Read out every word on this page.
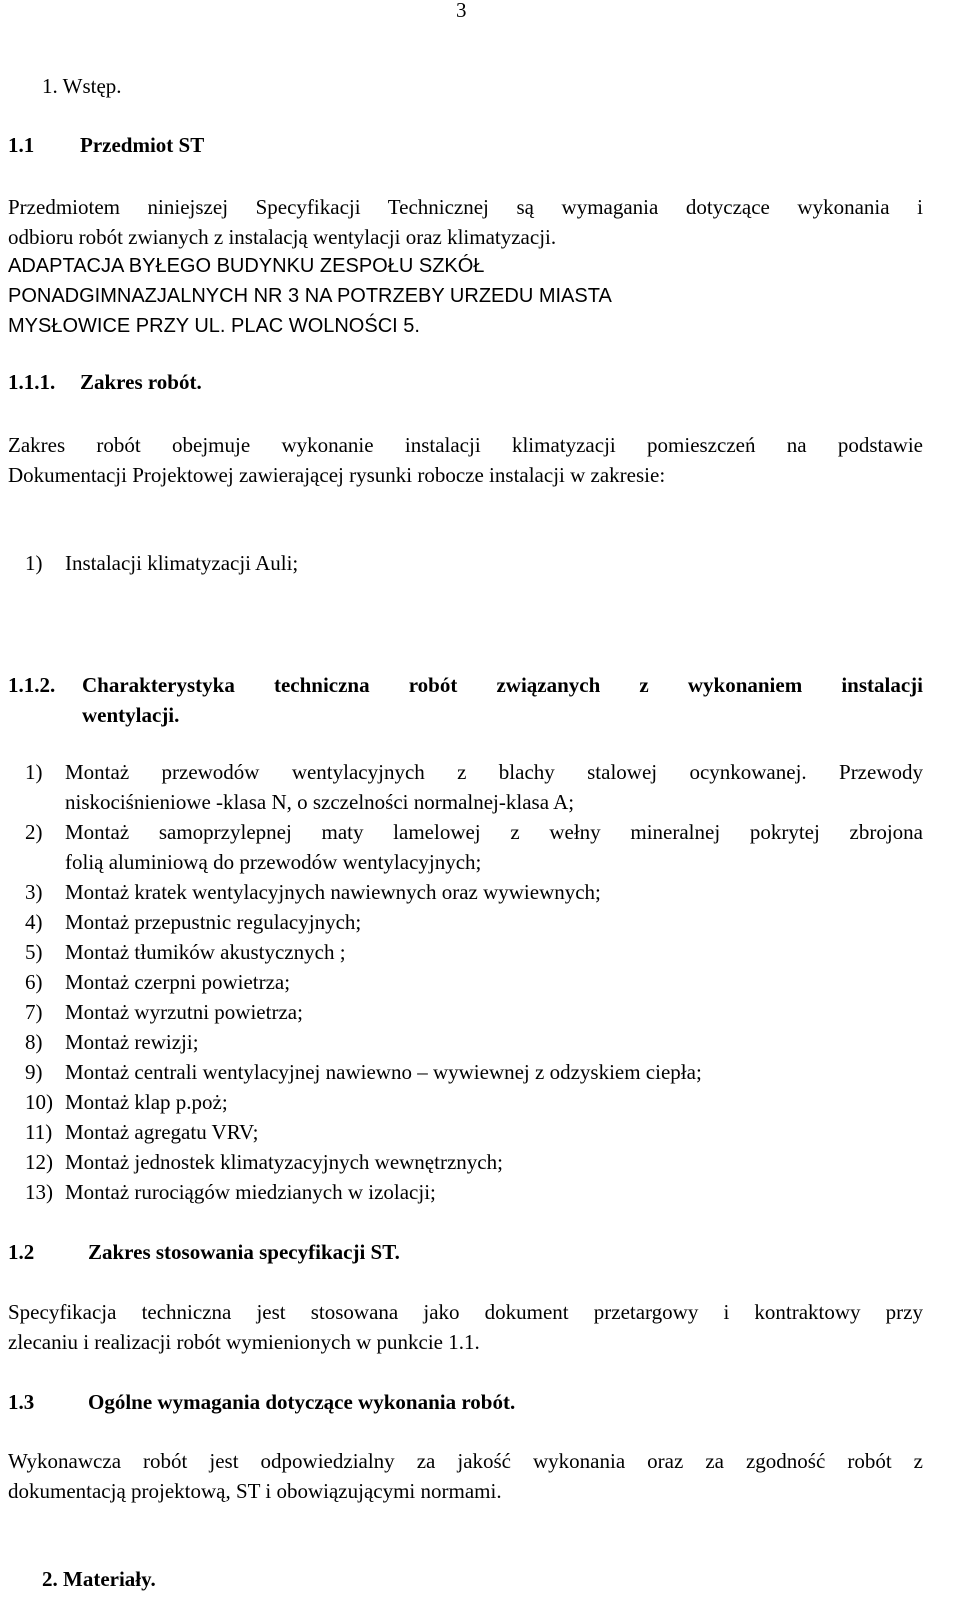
3
1. Wstęp.
1.1 Przedmiot ST
Przedmiotem niniejszej Specyfikacji Technicznej są wymagania dotyczące wykonania i
odbioru robót zwianych z instalacją wentylacji oraz klimatyzacji.
ADAPTACJA BYŁEGO BUDYNKU ZESPOŁU SZKÓŁ
PONADGIMNAZJALNYCH NR 3 NA POTRZEBY URZEDU MIASTA
MYSŁOWICE PRZY UL. PLAC WOLNOŚCI 5.
1.1.1. Zakres robót.
Zakres robót obejmuje wykonanie instalacji klimatyzacji pomieszczeń na podstawie
Dokumentacji Projektowej zawierającej rysunki robocze instalacji w zakresie:
1) Instalacji klimatyzacji Auli;
1.1.2. Charakterystyka techniczna robót związanych z wykonaniem instalacji
wentylacji.
1) Montaż przewodów wentylacyjnych z blachy stalowej ocynkowanej. Przewody
niskociśnieniowe -klasa N, o szczelności normalnej-klasa A;
2) Montaż samoprzylepnej maty lamelowej z wełny mineralnej pokrytej zbrojona
folią aluminiową do przewodów wentylacyjnych;
3) Montaż kratek wentylacyjnych nawiewnych oraz wywiewnych;
4) Montaż przepustnic regulacyjnych;
5) Montaż tłumików akustycznych ;
6) Montaż czerpni powietrza;
7) Montaż wyrzutni powietrza;
8) Montaż rewizji;
9) Montaż centrali wentylacyjnej nawiewno – wywiewnej z odzyskiem ciepła;
10) Montaż klap p.poż;
11) Montaż agregatu VRV;
12) Montaż jednostek klimatyzacyjnych wewnętrznych;
13) Montaż rurociągów miedzianych w izolacji;
1.2	Zakres stosowania specyfikacji ST.
Specyfikacja techniczna jest stosowana jako dokument przetargowy i kontraktowy przy
zlecaniu i realizacji robót wymienionych w punkcie 1.1.
1.3	Ogólne wymagania dotyczące wykonania robót.
Wykonawcza robót jest odpowiedzialny za jakość wykonania oraz za zgodność robót z
dokumentacją projektową, ST i obowiązującymi normami.
2. Materiały.
